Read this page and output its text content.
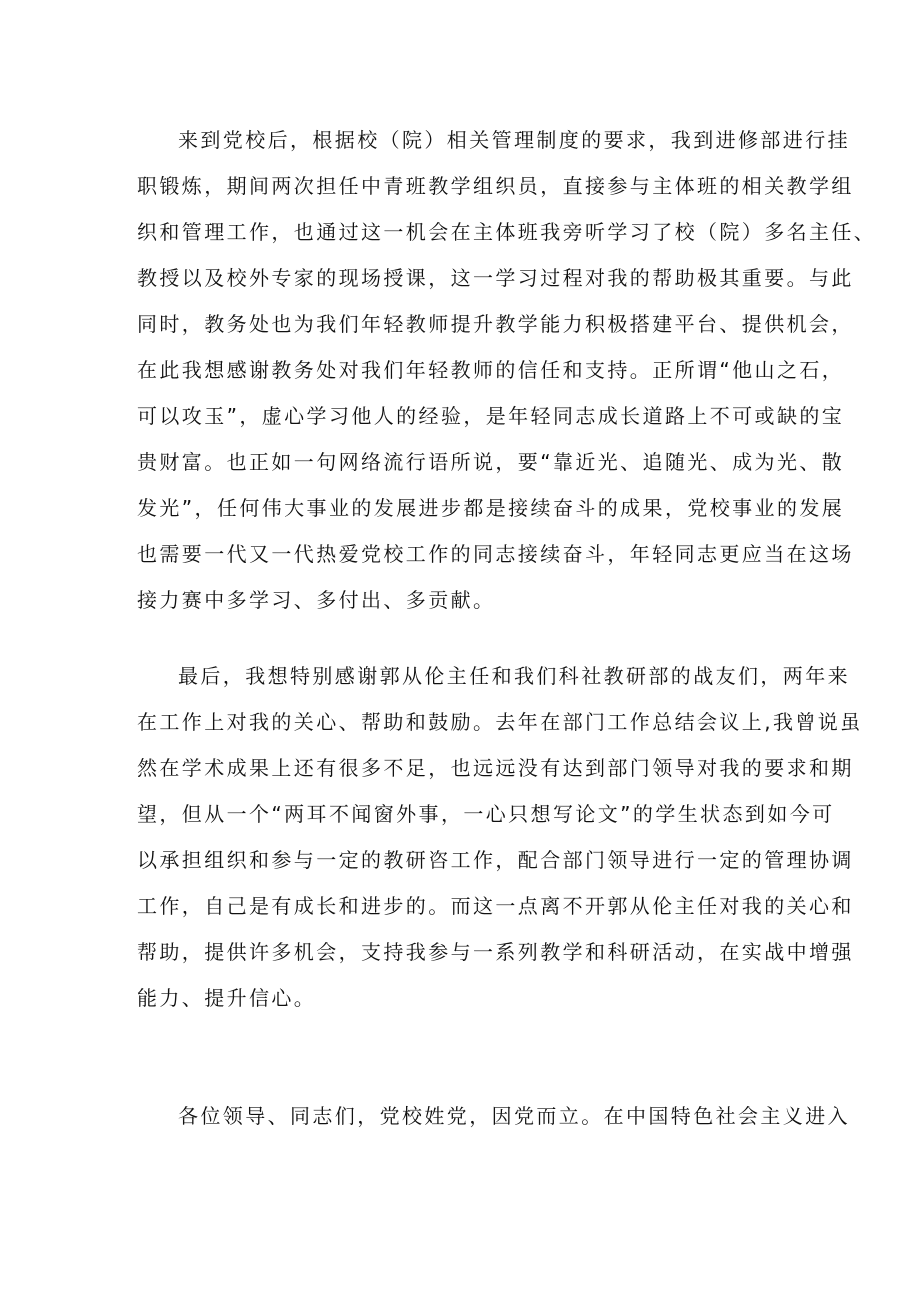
来到党校后，根据校（院）相关管理制度的要求，我到进修部进行挂

职锻炼，期间两次担任中青班教学组织员，直接参与主体班的相关教学组

织和管理工作，也通过这一机会在主体班我旁听学习了校（院）多名主任、

教授以及校外专家的现场授课，这一学习过程对我的帮助极其重要。与此

同时，教务处也为我们年轻教师提升教学能力积极搭建平台、提供机会，

在此我想感谢教务处对我们年轻教师的信任和支持。正所谓“他山之石，

可以攻玉”，虚心学习他人的经验，是年轻同志成长道路上不可或缺的宝

贵财富。也正如一句网络流行语所说，要“靠近光、追随光、成为光、散

发光”，任何伟大事业的发展进步都是接续奋斗的成果，党校事业的发展

也需要一代又一代热爱党校工作的同志接续奋斗，年轻同志更应当在这场

接力赛中多学习、多付出、多贡献。

最后，我想特别感谢郭从伦主任和我们科社教研部的战友们，两年来

在工作上对我的关心、帮助和鼓励。去年在部门工作总结会议上,我曾说虽

然在学术成果上还有很多不足，也远远没有达到部门领导对我的要求和期

望，但从一个“两耳不闻窗外事，一心只想写论文”的学生状态到如今可

以承担组织和参与一定的教研咨工作，配合部门领导进行一定的管理协调

工作，自己是有成长和进步的。而这一点离不开郭从伦主任对我的关心和

帮助，提供许多机会，支持我参与一系列教学和科研活动，在实战中增强

能力、提升信心。

各位领导、同志们，党校姓党，因党而立。在中国特色社会主义进入
